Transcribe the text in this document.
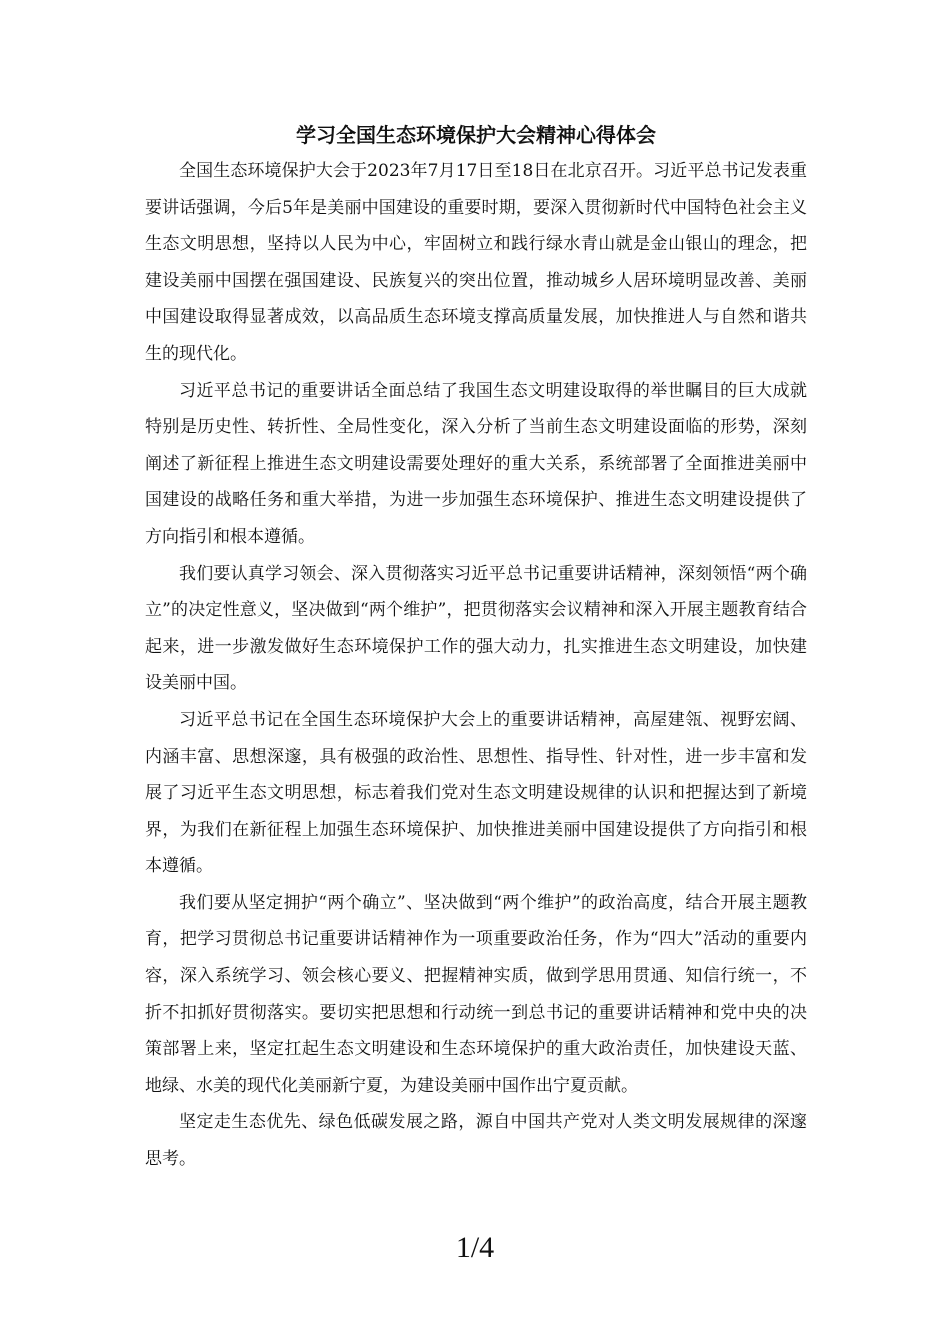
学习全国生态环境保护大会精神心得体会

全国生态环境保护大会于2023年7月17日至18日在北京召开。习近平总书记发表重要讲话强调，今后5年是美丽中国建设的重要时期，要深入贯彻新时代中国特色社会主义生态文明思想，坚持以人民为中心，牢固树立和践行绿水青山就是金山银山的理念，把建设美丽中国摆在强国建设、民族复兴的突出位置，推动城乡人居环境明显改善、美丽中国建设取得显著成效，以高品质生态环境支撑高质量发展，加快推进人与自然和谐共生的现代化。

习近平总书记的重要讲话全面总结了我国生态文明建设取得的举世瞩目的巨大成就特别是历史性、转折性、全局性变化，深入分析了当前生态文明建设面临的形势，深刻阐述了新征程上推进生态文明建设需要处理好的重大关系，系统部署了全面推进美丽中国建设的战略任务和重大举措，为进一步加强生态环境保护、推进生态文明建设提供了方向指引和根本遵循。

我们要认真学习领会、深入贯彻落实习近平总书记重要讲话精神，深刻领悟“两个确立”的决定性意义，坚决做到“两个维护”，把贯彻落实会议精神和深入开展主题教育结合起来，进一步激发做好生态环境保护工作的强大动力，扎实推进生态文明建设，加快建设美丽中国。

习近平总书记在全国生态环境保护大会上的重要讲话精神，高屋建瓴、视野宏阔、内涵丰富、思想深邃，具有极强的政治性、思想性、指导性、针对性，进一步丰富和发展了习近平生态文明思想，标志着我们党对生态文明建设规律的认识和把握达到了新境界，为我们在新征程上加强生态环境保护、加快推进美丽中国建设提供了方向指引和根本遵循。

我们要从坚定拥护“两个确立”、坚决做到“两个维护”的政治高度，结合开展主题教育，把学习贯彻总书记重要讲话精神作为一项重要政治任务，作为“四大”活动的重要内容，深入系统学习、领会核心要义、把握精神实质，做到学思用贯通、知信行统一，不折不扣抓好贯彻落实。要切实把思想和行动统一到总书记的重要讲话精神和党中央的决策部署上来，坚定扛起生态文明建设和生态环境保护的重大政治责任，加快建设天蓝、地绿、水美的现代化美丽新宁夏，为建设美丽中国作出宁夏贡献。

坚定走生态优先、绿色低碳发展之路，源自中国共产党对人类文明发展规律的深邃思考。

1/4
